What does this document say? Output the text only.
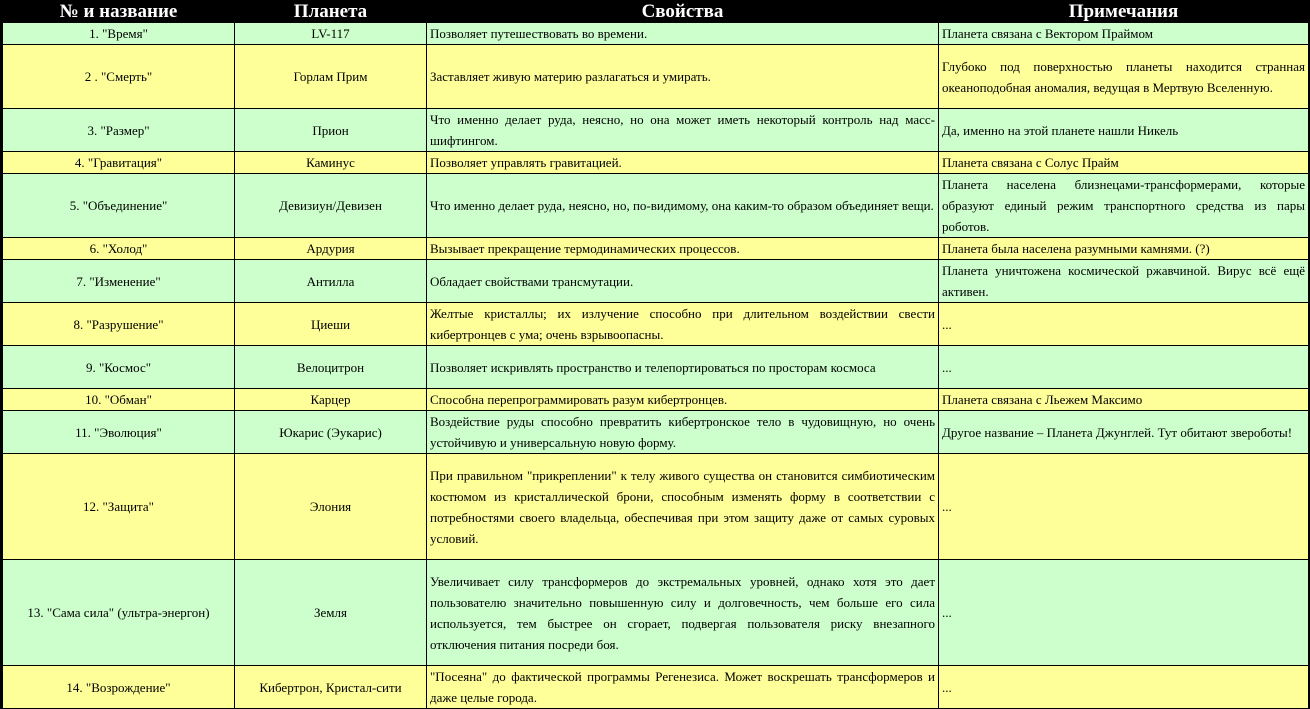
№ и название	Планета	Свойства	Примечания
1. "Время"	LV-117	Позволяет путешествовать во времени.	Планета связана с Вектором Праймом
2 . "Смерть"	Горлам Прим	Заставляет живую материю разлагаться и умирать.	Глубоко под поверхностью планеты находится странная океаноподобная аномалия, ведущая в Мертвую Вселенную.
3. "Размер"	Прион	Что именно делает руда, неясно, но она может иметь некоторый контроль над масс-шифтингом.	Да, именно на этой планете нашли Никель
4. "Гравитация"	Каминус	Позволяет управлять гравитацией.	Планета связана с Солус Прайм
5. "Объединение"	Девизиун/Девизен	Что именно делает руда, неясно, но, по-видимому, она каким-то образом объединяет вещи.	Планета населена близнецами-трансформерами, которые образуют единый режим транспортного средства из пары роботов.
6. "Холод"	Ардурия	Вызывает прекращение термодинамических процессов.	Планета была населена разумными камнями. (?)
7. "Изменение"	Антилла	Обладает свойствами трансмутации.	Планета уничтожена космической ржавчиной. Вирус всё ещё активен.
8. "Разрушение"	Циеши	Желтые кристаллы; их излучение способно при длительном воздействии свести кибертронцев с ума; очень взрывоопасны.	...
9. "Космос"	Велоцитрон	Позволяет искривлять пространство и телепортироваться по просторам космоса	...
10. "Обман"	Карцер	Способна перепрограммировать разум кибертронцев.	Планета связана с Льежем Максимо
11. "Эволюция"	Юкарис (Эукарис)	Воздействие руды способно превратить кибертронское тело в чудовищную, но очень устойчивую и универсальную новую форму.	Другое название – Планета Джунглей. Тут обитают звероботы!
12. "Защита"	Элония	При правильном "прикреплении" к телу живого существа он становится симбиотическим костюмом из кристаллической брони, способным изменять форму в соответствии с потребностями своего владельца, обеспечивая при этом защиту даже от самых суровых условий.	...
13. "Сама сила" (ультра-энергон)	Земля	Увеличивает силу трансформеров до экстремальных уровней, однако хотя это дает пользователю значительно повышенную силу и долговечность, чем больше его сила используется, тем быстрее он сгорает, подвергая пользователя риску внезапного отключения питания посреди боя.	...
14. "Возрождение"	Кибертрон, Кристал-сити	"Посеяна" до фактической программы Регенезиса. Может воскрешать трансформеров и даже целые города.	...
